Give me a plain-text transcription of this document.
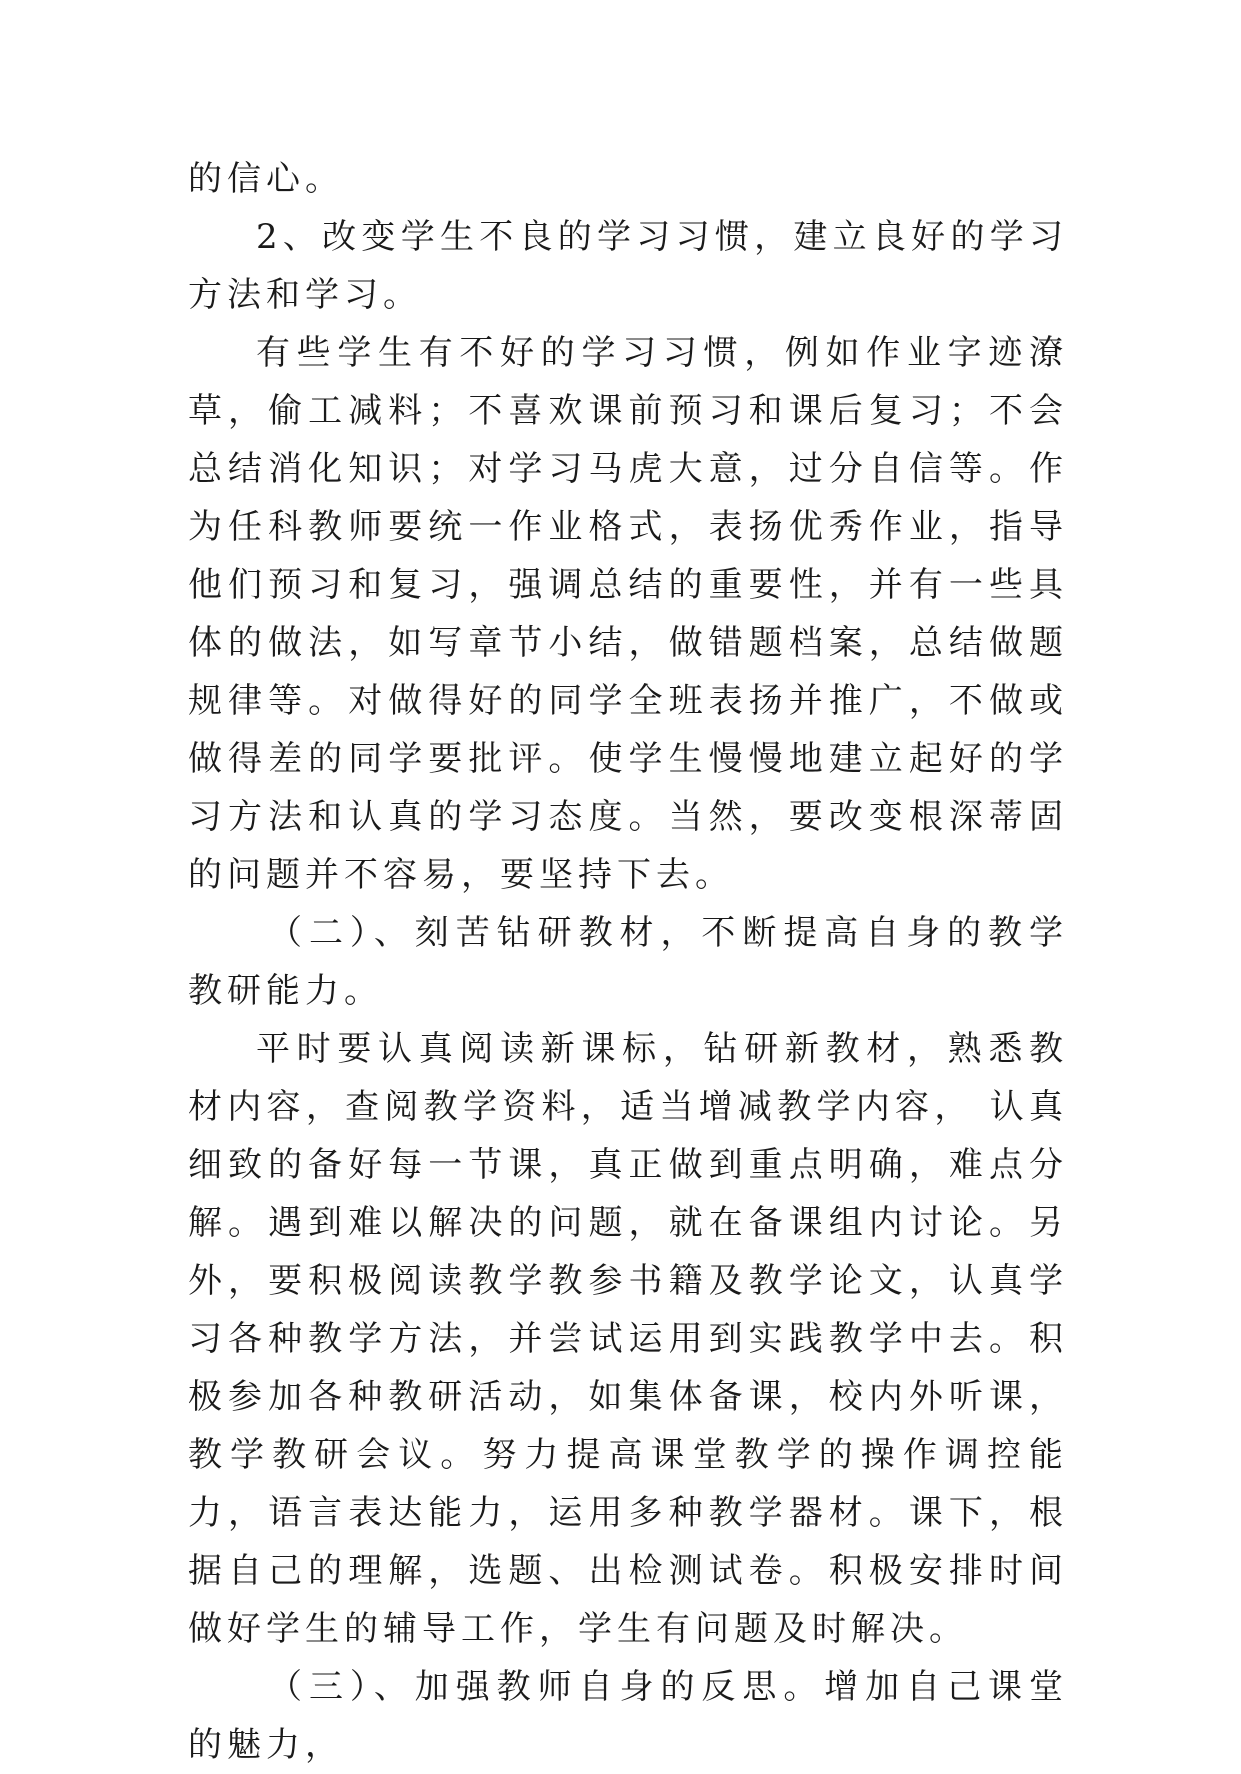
的信心。

2、改变学生不良的学习习惯，建立良好的学习方法和学习。

有些学生有不好的学习习惯，例如作业字迹潦草，偷工减料；不喜欢课前预习和课后复习；不会总结消化知识；对学习马虎大意，过分自信等。作为任科教师要统一作业格式，表扬优秀作业，指导他们预习和复习，强调总结的重要性，并有一些具体的做法，如写章节小结，做错题档案，总结做题规律等。对做得好的同学全班表扬并推广，不做或做得差的同学要批评。使学生慢慢地建立起好的学习方法和认真的学习态度。当然，要改变根深蒂固的问题并不容易，要坚持下去。

（二）、刻苦钻研教材，不断提高自身的教学教研能力。

平时要认真阅读新课标，钻研新教材，熟悉教材内容，查阅教学资料，适当增减教学内容， 认真细致的备好每一节课，真正做到重点明确，难点分解。遇到难以解决的问题，就在备课组内讨论。另外，要积极阅读教学教参书籍及教学论文，认真学习各种教学方法，并尝试运用到实践教学中去。积极参加各种教研活动，如集体备课，校内外听课，教学教研会议。努力提高课堂教学的操作调控能力，语言表达能力，运用多种教学器材。课下，根据自己的理解，选题、出检测试卷。积极安排时间做好学生的辅导工作，学生有问题及时解决。

（三）、加强教师自身的反思。增加自己课堂的魅力，
